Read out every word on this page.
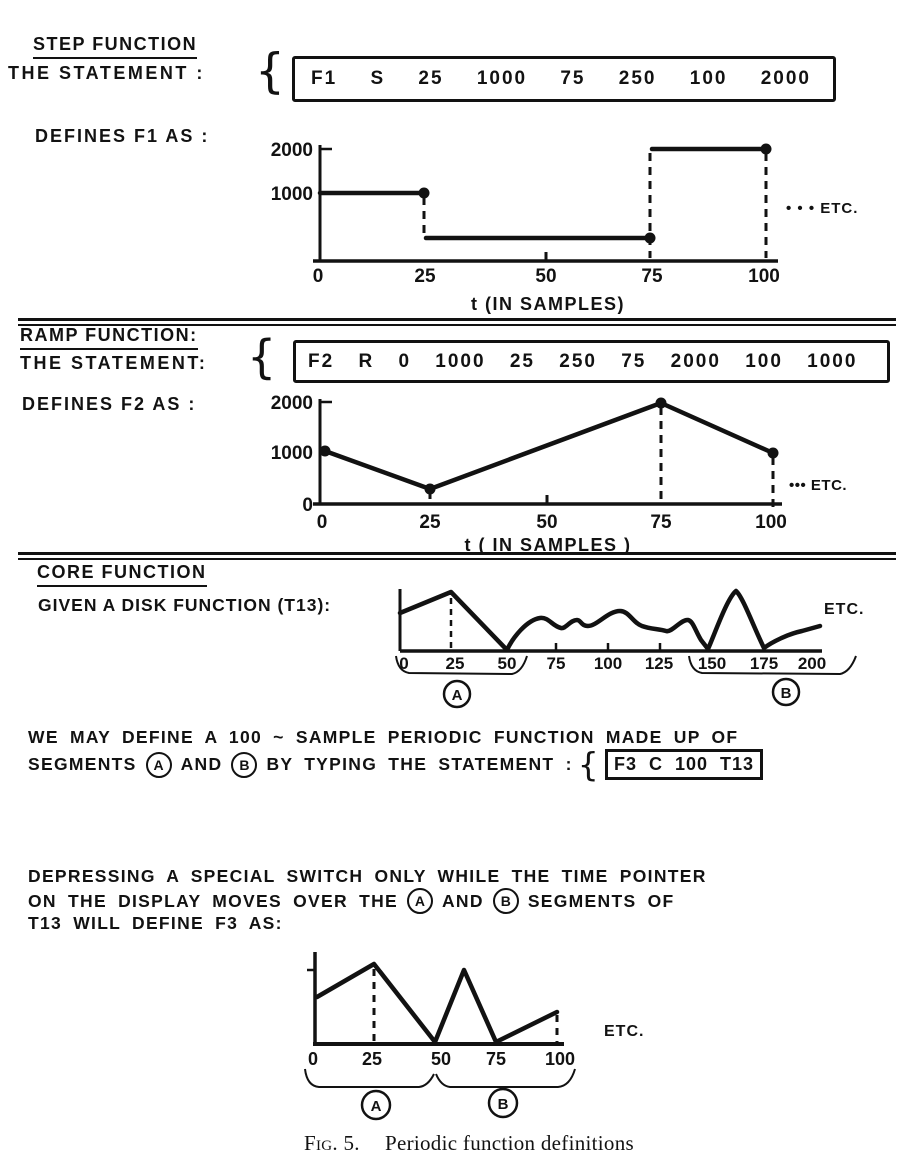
STEP FUNCTION
THE STATEMENT : { F1 S 25 1000 75 250 100 2000
DEFINES F1 AS :
2000
1000
0	25	50	75	100
• • • ETC.
t (IN SAMPLES)
RAMP FUNCTION:
THE STATEMENT: { F2 R 0 1000 25 250 75 2000 100 1000
DEFINES F2 AS :	2000
1000
0
0	25	50	75	100
••• ETC.
t ( IN SAMPLES )
CORE FUNCTION
GIVEN A DISK FUNCTION (T13):
0 25 50 75 100 125 150 175 200
A	B
ETC.
WE MAY DEFINE A 100 ~ SAMPLE PERIODIC FUNCTION MADE UP OF
SEGMENTS	A AND	B BY TYPING THE STATEMENT : { F3 C 100 T13
DEPRESSING A SPECIAL SWITCH ONLY WHILE THE TIME POINTER
ON THE DISPLAY MOVES OVER THE	A AND	B SEGMENTS OF
T13 WILL DEFINE F3 AS:
0 25	50 75 100
A	B
ETC.
Fig. 5. Periodic function definitions
